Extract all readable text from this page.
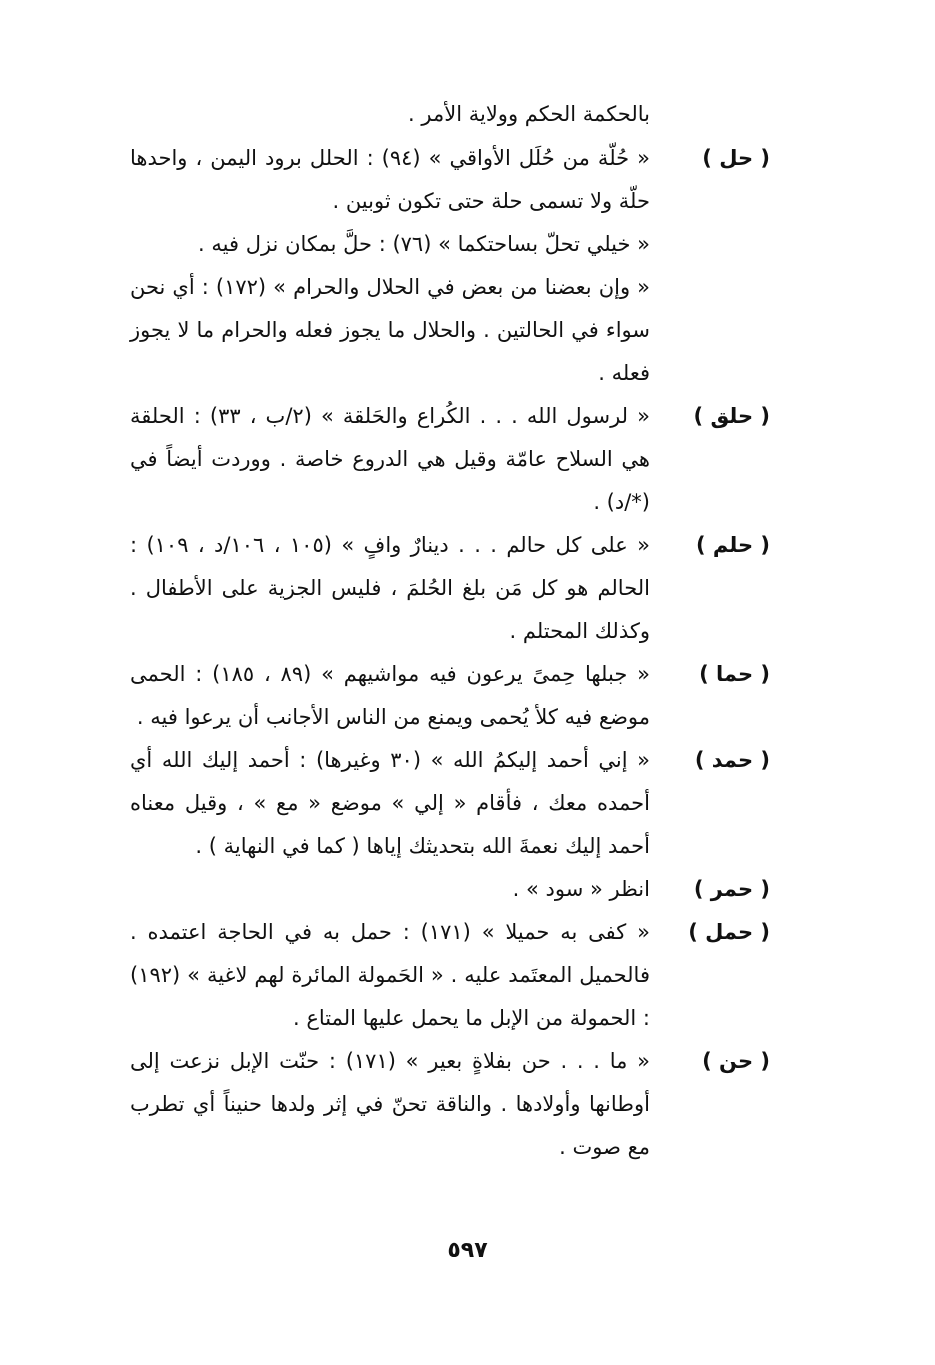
بالحكمة الحكم وولاية الأمر .
( حل )

« حُلّة من حُلَل الأواقي » (٩٤) : الحلل برود اليمن ، واحدها حلّة ولا تسمى حلة حتى تكون ثوبين .

« خيلي تحلّ بساحتكما » (٧٦) : حلَّ بمكان نزل فيه .

« وإن بعضنا من بعض في الحلال والحرام » (١٧٢) : أي نحن سواء في الحالتين . والحلال ما يجوز فعله والحرام ما لا يجوز فعله .

( حلق )

« لرسول الله . . . الكُراع والحَلقة » (٢/ب ، ٣٣) : الحلقة هي السلاح عامّة وقيل هي الدروع خاصة . ووردت أيضاً في (*/د) .

( حلم )

« على كل حالم . . . دينارٌ وافٍ » (١٠٥ ، ١٠٦/د ، ١٠٩) : الحالم هو كل مَن بلغ الحُلمَ ، فليس الجزية على الأطفال . وكذلك المحتلم .

( حما )

« جبلها حِمىً يرعون فيه مواشيهم » (٨٩ ، ١٨٥) : الحمى موضع فيه كلأ يُحمى ويمنع من الناس الأجانب أن يرعوا فيه .

( حمد )

« إني أحمد إليكمُ الله » (٣٠ وغيرها) : أحمد إليك الله أي أحمده معك ، فأقام « إلي » موضع « مع » ، وقيل معناه أحمد إليك نعمةَ الله بتحديثك إياها ( كما في النهاية ) .

( حمر )

انظر « سود » .

( حمل )

« كفى به حميلا » (١٧١) : حمل به في الحاجة اعتمده . فالحميل المعتَمد عليه . « الحَمولة المائرة لهم لاغية » (١٩٢) : الحمولة من الإبل ما يحمل عليها المتاع .

( حن )

« ما . . . حن بفلاةٍ بعير » (١٧١) : حنّت الإبل نزعت إلى أوطانها وأولادها . والناقة تحنّ في إثر ولدها حنيناً أي تطرب مع صوت .

٥٩٧
